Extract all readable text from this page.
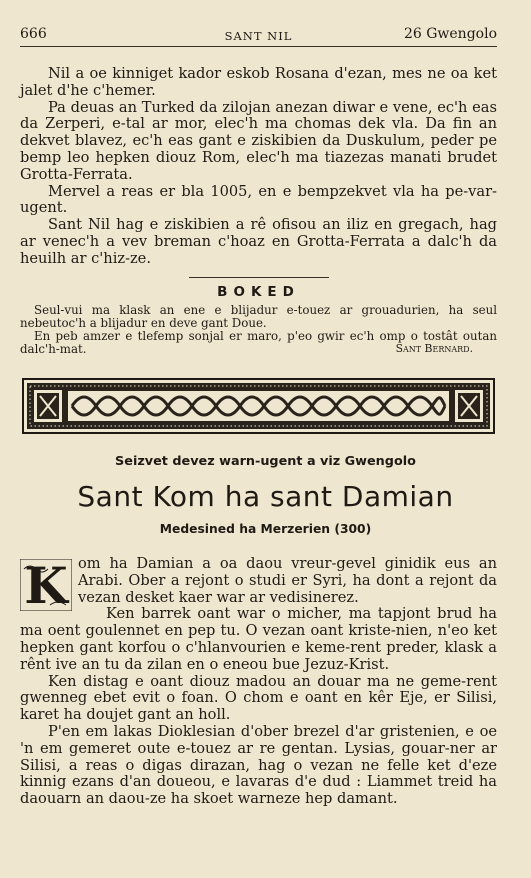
666	SANT NIL	26 Gwengolo

Nil a oe kinniget kador eskob Rosana d'ezan, mes ne oa ket jalet d'he c'hemer.

Pa deuas an Turked da zilojan anezan diwar e vene, ec'h eas da Zerperi, e-tal ar mor, elec'h ma chomas dek vla. Da fin an dekvet blavez, ec'h eas gant e ziskibien da Duskulum, peder pe bemp leo hepken diouz Rom, elec'h ma tiazezas manati brudet Grotta-Ferrata.

Mervel a reas er bla 1005, en e bempzekvet vla ha pe-var-ugent.

Sant Nil hag e ziskibien a rê ofisou an iliz en gregach, hag ar venec'h a vev breman c'hoaz en Grotta-Ferrata a dalc'h da heuilh ar c'hiz-ze.

BOKED

Seul-vui ma klask an ene e blijadur e-touez ar grouadurien, ha seul nebeutoc'h a blijadur en deve gant Doue.

En peb amzer e tlefemp sonjal er maro, p'eo gwir ec'h omp o tostât outan dalc'h-mat.	Sant Bernard.

Seizvet devez warn-ugent a viz Gwengolo
Sant Kom ha sant Damian
Medesined ha Merzerien (300)

K om ha Damian a oa daou vreur-gevel ginidik eus an Arabi. Ober a rejont o studi er Syri, ha dont a rejont da vezan desket kaer war ar vedisinerez.

Ken barrek oant war o micher, ma tapjont brud ha ma oent goulennet en pep tu. O vezan oant kriste-nien, n'eo ket hepken gant korfou o c'hlanvourien e keme-rent preder, klask a rênt ive an tu da zilan en o eneou bue Jezuz-Krist.

Ken distag e oant diouz madou an douar ma ne geme-rent gwenneg ebet evit o foan. O chom e oant en kêr Eje, er Silisi, karet ha doujet gant an holl.

P'en em lakas Dioklesian d'ober brezel d'ar gristenien, e oe 'n em gemeret oute e-touez ar re gentan. Lysias, gouar-ner ar Silisi, a reas o digas dirazan, hag o vezan ne felle ket d'eze kinnig ezans d'an doueou, e lavaras d'e dud : Liammet treid ha daouarn an daou-ze ha skoet warneze hep damant.
